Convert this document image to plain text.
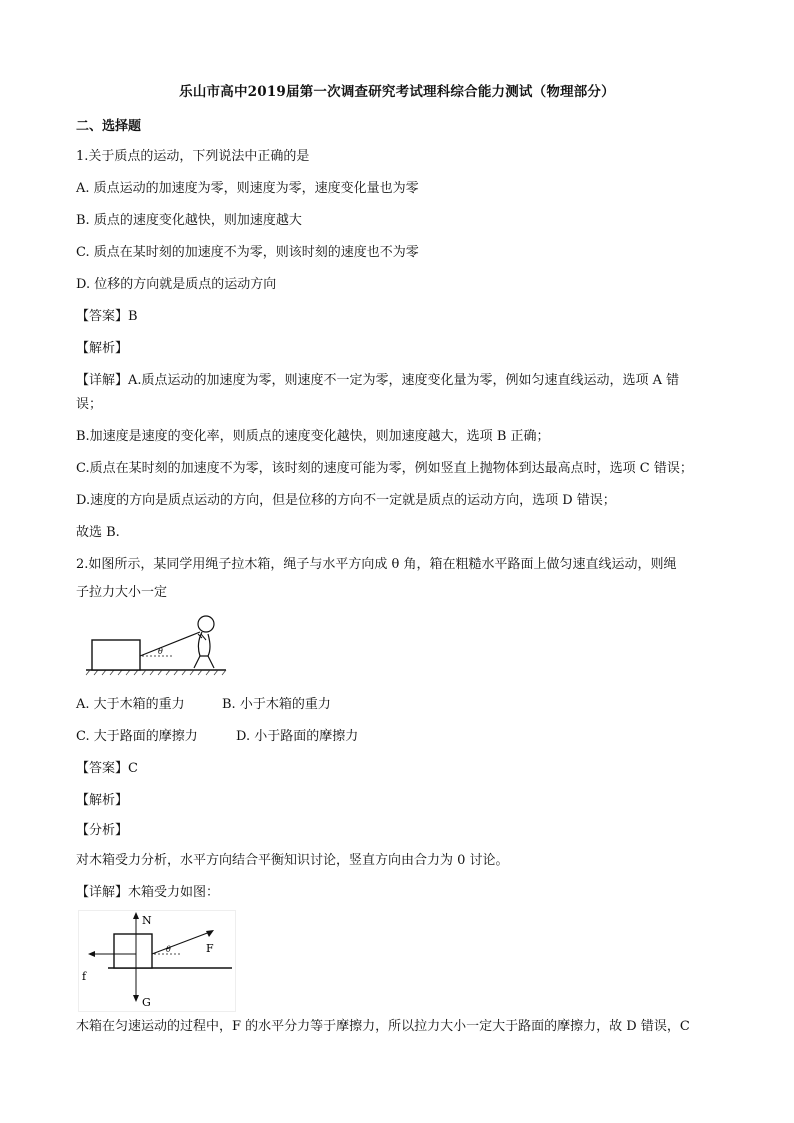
乐山市高中2019届第一次调查研究考试理科综合能力测试（物理部分）
二、选择题
1.关于质点的运动，下列说法中正确的是
A. 质点运动的加速度为零，则速度为零，速度变化量也为零
B. 质点的速度变化越快，则加速度越大
C. 质点在某时刻的加速度不为零，则该时刻的速度也不为零
D. 位移的方向就是质点的运动方向
【答案】B
【解析】
【详解】A.质点运动的加速度为零，则速度不一定为零，速度变化量为零，例如匀速直线运动，选项 A 错
误；
B.加速度是速度的变化率，则质点的速度变化越快，则加速度越大，选项 B 正确；
C.质点在某时刻的加速度不为零，该时刻的速度可能为零，例如竖直上抛物体到达最高点时，选项 C 错误；
D.速度的方向是质点运动的方向，但是位移的方向不一定就是质点的运动方向，选项 D 错误；
故选 B.
2.如图所示，某同学用绳子拉木箱，绳子与水平方向成 θ 角，箱在粗糙水平路面上做匀速直线运动，则绳
子拉力大小一定
θ
A. 大于木箱的重力	B. 小于木箱的重力
C. 大于路面的摩擦力	D. 小于路面的摩擦力
【答案】C
【解析】
【分析】
对木箱受力分析，水平方向结合平衡知识讨论，竖直方向由合力为 0 讨论。
【详解】木箱受力如图：
N
G
f
F
θ
木箱在匀速运动的过程中，F 的水平分力等于摩擦力，所以拉力大小一定大于路面的摩擦力，故 D 错误，C
